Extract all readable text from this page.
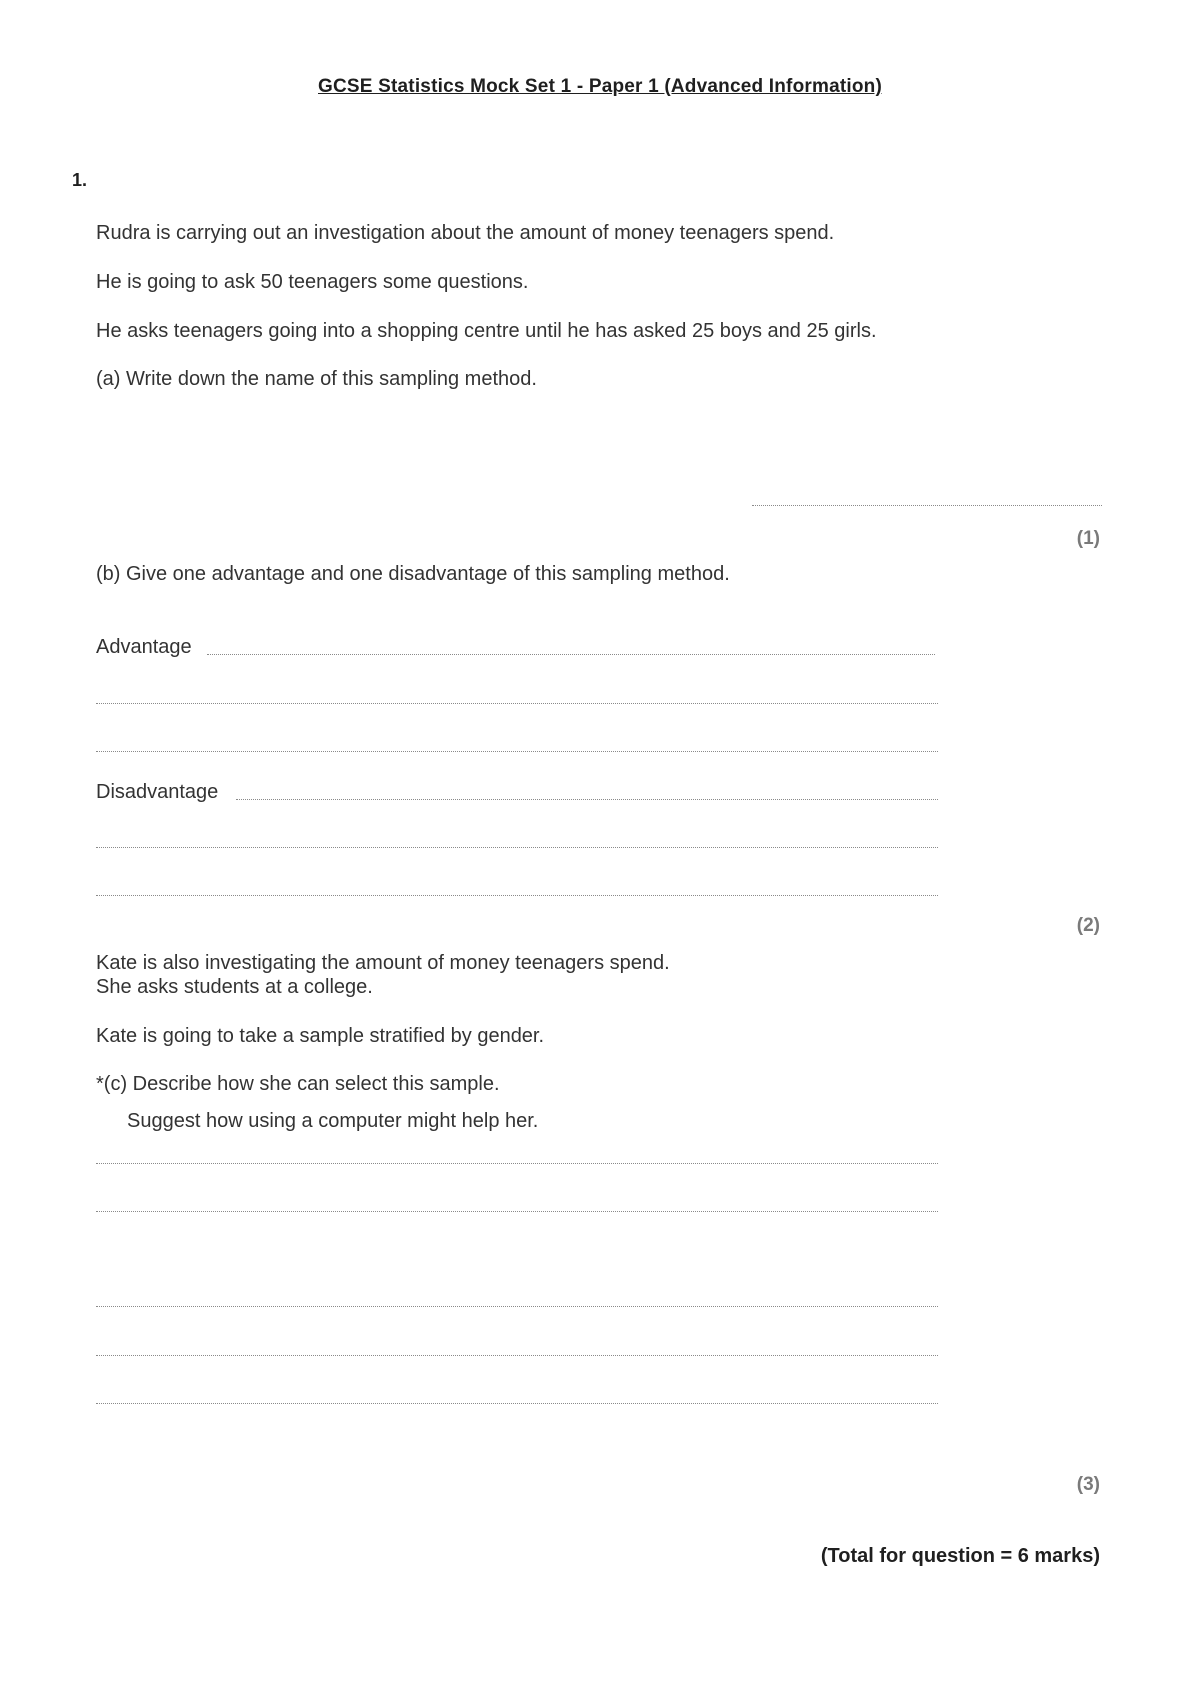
GCSE Statistics Mock Set 1 - Paper 1 (Advanced Information)
1.
Rudra is carrying out an investigation about the amount of money teenagers spend.
He is going to ask 50 teenagers some questions.
He asks teenagers going into a shopping centre until he has asked 25 boys and 25 girls.
(a) Write down the name of this sampling method.
(1)
(b) Give one advantage and one disadvantage of this sampling method.
Advantage
Disadvantage
(2)
Kate is also investigating the amount of money teenagers spend.
She asks students at a college.
Kate is going to take a sample stratified by gender.
*(c) Describe how she can select this sample.
Suggest how using a computer might help her.
(3)
(Total for question = 6 marks)
